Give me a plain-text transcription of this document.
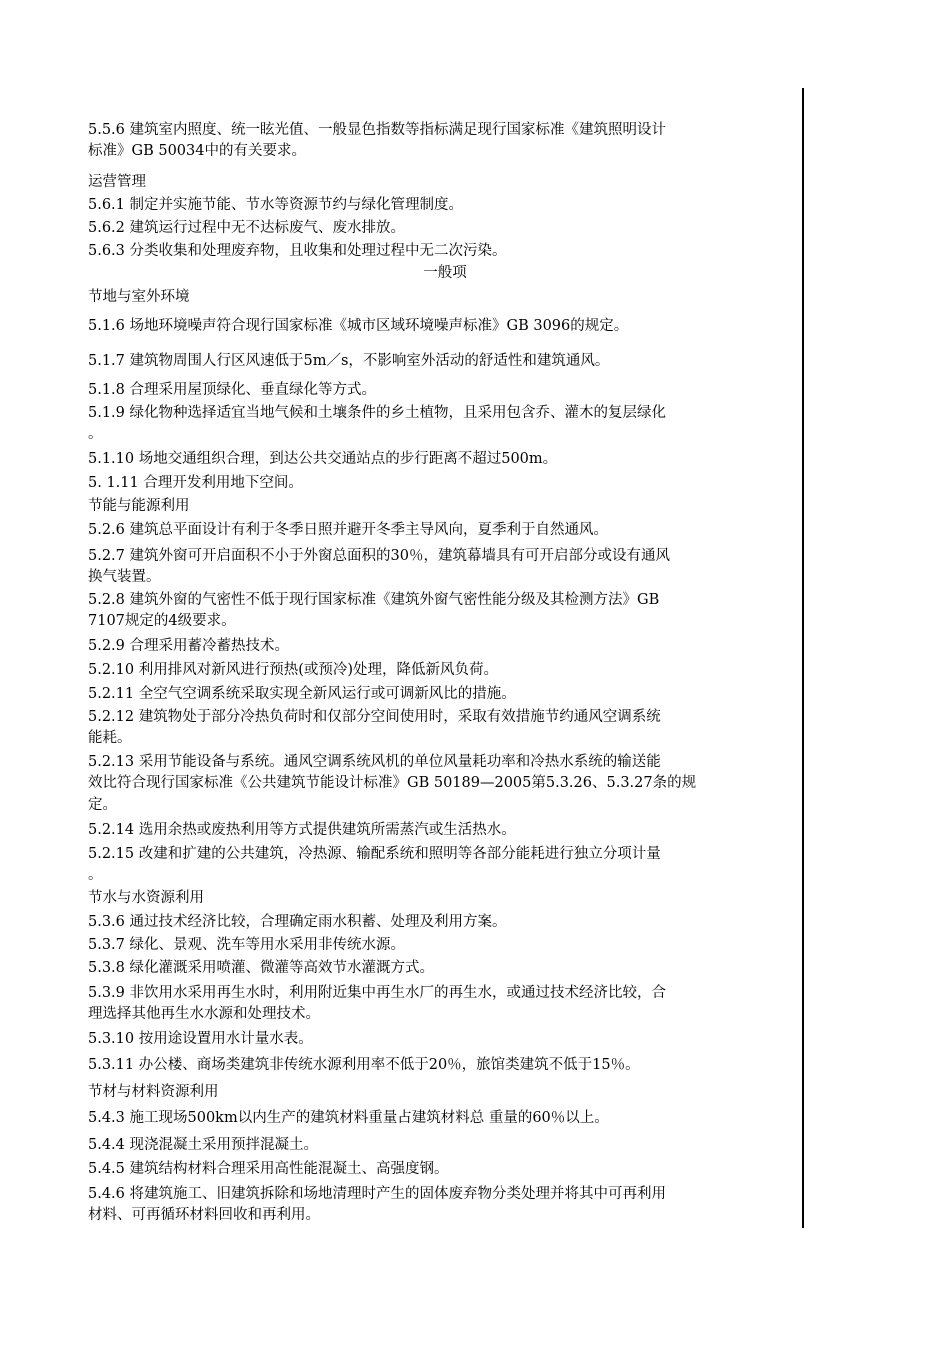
5.5.6 建筑室内照度、统一眩光值、一般显色指数等指标满足现行国家标准《建筑照明设计
标准》GB 50034中的有关要求。
运营管理
5.6.1 制定并实施节能、节水等资源节约与绿化管理制度。
5.6.2 建筑运行过程中无不达标废气、废水排放。
5.6.3 分类收集和处理废弃物，且收集和处理过程中无二次污染。
一般项
节地与室外环境
5.1.6 场地环境噪声符合现行国家标准《城市区域环境噪声标准》GB 3096的规定。
5.1.7 建筑物周围人行区风速低于5m／s，不影响室外活动的舒适性和建筑通风。
5.1.8 合理采用屋顶绿化、垂直绿化等方式。
5.1.9 绿化物种选择适宜当地气候和土壤条件的乡土植物，且采用包含乔、灌木的复层绿化
。
5.1.10 场地交通组织合理，到达公共交通站点的步行距离不超过500m。
5. 1.11 合理开发利用地下空间。
节能与能源利用
5.2.6 建筑总平面设计有利于冬季日照并避开冬季主导风向，夏季利于自然通风。
5.2.7 建筑外窗可开启面积不小于外窗总面积的30％，建筑幕墙具有可开启部分或设有通风
换气装置。
5.2.8 建筑外窗的气密性不低于现行国家标准《建筑外窗气密性能分级及其检测方法》GB
7107规定的4级要求。
5.2.9 合理采用蓄冷蓄热技术。
5.2.10 利用排风对新风进行预热(或预冷)处理，降低新风负荷。
5.2.11 全空气空调系统采取实现全新风运行或可调新风比的措施。
5.2.12 建筑物处于部分冷热负荷时和仅部分空间使用时，采取有效措施节约通风空调系统
能耗。
5.2.13 采用节能设备与系统。通风空调系统风机的单位风量耗功率和冷热水系统的输送能
效比符合现行国家标准《公共建筑节能设计标准》GB 50189—2005第5.3.26、5.3.27条的规
定。
5.2.14 选用余热或废热利用等方式提供建筑所需蒸汽或生活热水。
5.2.15 改建和扩建的公共建筑，冷热源、输配系统和照明等各部分能耗进行独立分项计量
。
节水与水资源利用
5.3.6 通过技术经济比较，合理确定雨水积蓄、处理及利用方案。
5.3.7 绿化、景观、洗车等用水采用非传统水源。
5.3.8 绿化灌溉采用喷灌、微灌等高效节水灌溉方式。
5.3.9 非饮用水采用再生水时，利用附近集中再生水厂的再生水，或通过技术经济比较，合
理选择其他再生水水源和处理技术。
5.3.10 按用途设置用水计量水表。
5.3.11 办公楼、商场类建筑非传统水源利用率不低于20％，旅馆类建筑不低于15％。
节材与材料资源利用
5.4.3 施工现场500km以内生产的建筑材料重量占建筑材料总 重量的60％以上。
5.4.4 现浇混凝土采用预拌混凝土。
5.4.5 建筑结构材料合理采用高性能混凝土、高强度钢。
5.4.6 将建筑施工、旧建筑拆除和场地清理时产生的固体废弃物分类处理并将其中可再利用
材料、可再循环材料回收和再利用。
